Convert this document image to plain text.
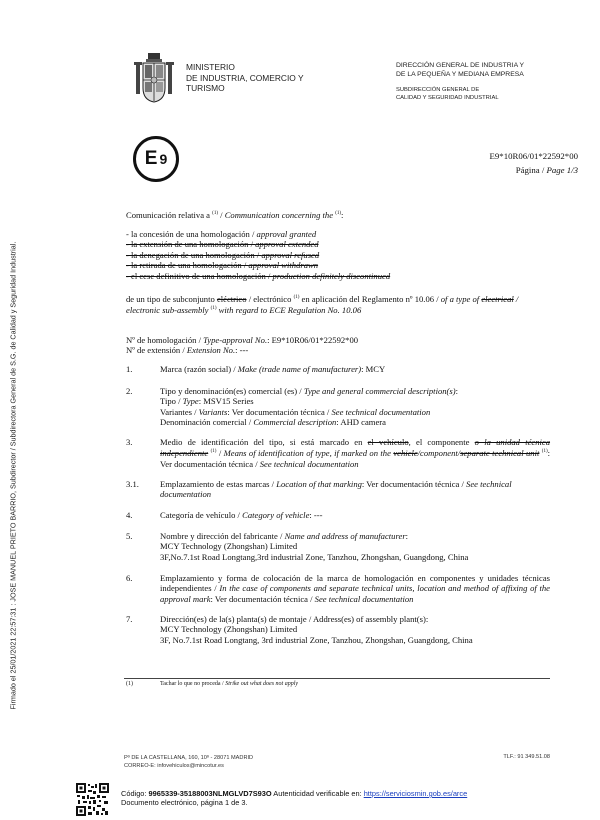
Firmado el 25/01/2021 22:57:31 : JOSE MANUEL PRIETO BARRIO, Subdirector / Subdirectora General de S.G. de Calidad y Seguridad Industrial.
MINISTERIO
DE INDUSTRIA, COMERCIO Y
TURISMO
DIRECCIÓN GENERAL DE INDUSTRIA Y
DE LA PEQUEÑA Y MEDIANA EMPRESA
SUBDIRECCIÓN GENERAL DE
CALIDAD Y SEGURIDAD INDUSTRIAL
E 9	E9*10R06/01*22592*00
Página / Page 1/3
Comunicación relativa a $^{(1)}$ / Communication concerning the $^{(1)}$:
- la concesión de una homologación / approval granted
- la extensión de una homologación / approval extended
- la denegación de una homologación / approval refused
- la retirada de una homologación / approval withdrawn
- el cese definitivo de una homologación / production definitely discontinued
de un tipo de subconjunto eléctrico / electrónico $^{(1)}$ en aplicación del Reglamento nº 10.06 / of a type of electrical /
electronic sub-assembly $^{(1)}$ with regard to ECE Regulation No. 10.06
Nº de homologación / Type-approval No.: E9*10R06/01*22592*00
Nº de extensión / Extension No.: ---
1.	Marca (razón social) / Make (trade name of manufacturer): MCY
2.	Tipo y denominación(es) comercial (es) / Type and general commercial description(s):
Tipo / Type: MSV15 Series
Variantes / Variants: Ver documentación técnica / See technical documentation
Denominación comercial / Commercial description: AHD camera
3.	Medio de identificación del tipo, si está marcado en el vehículo, el componente o la unidad técnica independiente $^{(1)}$ / Means of identification of type, if marked on the vehicle/component/separate technical unit $^{(1)}$: Ver documentación técnica / See technical documentation
3.1. Emplazamiento de estas marcas / Location of that marking: Ver documentación técnica / See technical documentation
4.	Categoría de vehículo / Category of vehicle: ---
5.	Nombre y dirección del fabricante / Name and address of manufacturer:
MCY Technology (Zhongshan) Limited
3F,No.7.1st Road Longtang,3rd industrial Zone, Tanzhou, Zhongshan, Guangdong, China
6.	Emplazamiento y forma de colocación de la marca de homologación en componentes y unidades técnicas independientes / In the case of components and separate technical units, location and method of affixing of the approval mark: Ver documentación técnica / See technical documentation
7.	Dirección(es) de la(s) planta(s) de montaje / Address(es) of assembly plant(s):
MCY Technology (Zhongshan) Limited
3F, No.7.1st Road Longtang, 3rd industrial Zone, Tanzhou, Zhongshan, Guangdong, China
(1)	Tachar lo que no proceda / Strike out what does not apply
Pº DE LA CASTELLANA, 160, 10º - 28071 MADRID
CORREO-E: infovehiculos@mincotur.es
TLF.: 91 349.51.08
Código: 9965339-35188003NLMGLVD7S93O Autenticidad verificable en: https://serviciosmin.gob.es/arce
Documento electrónico, página 1 de 3.
